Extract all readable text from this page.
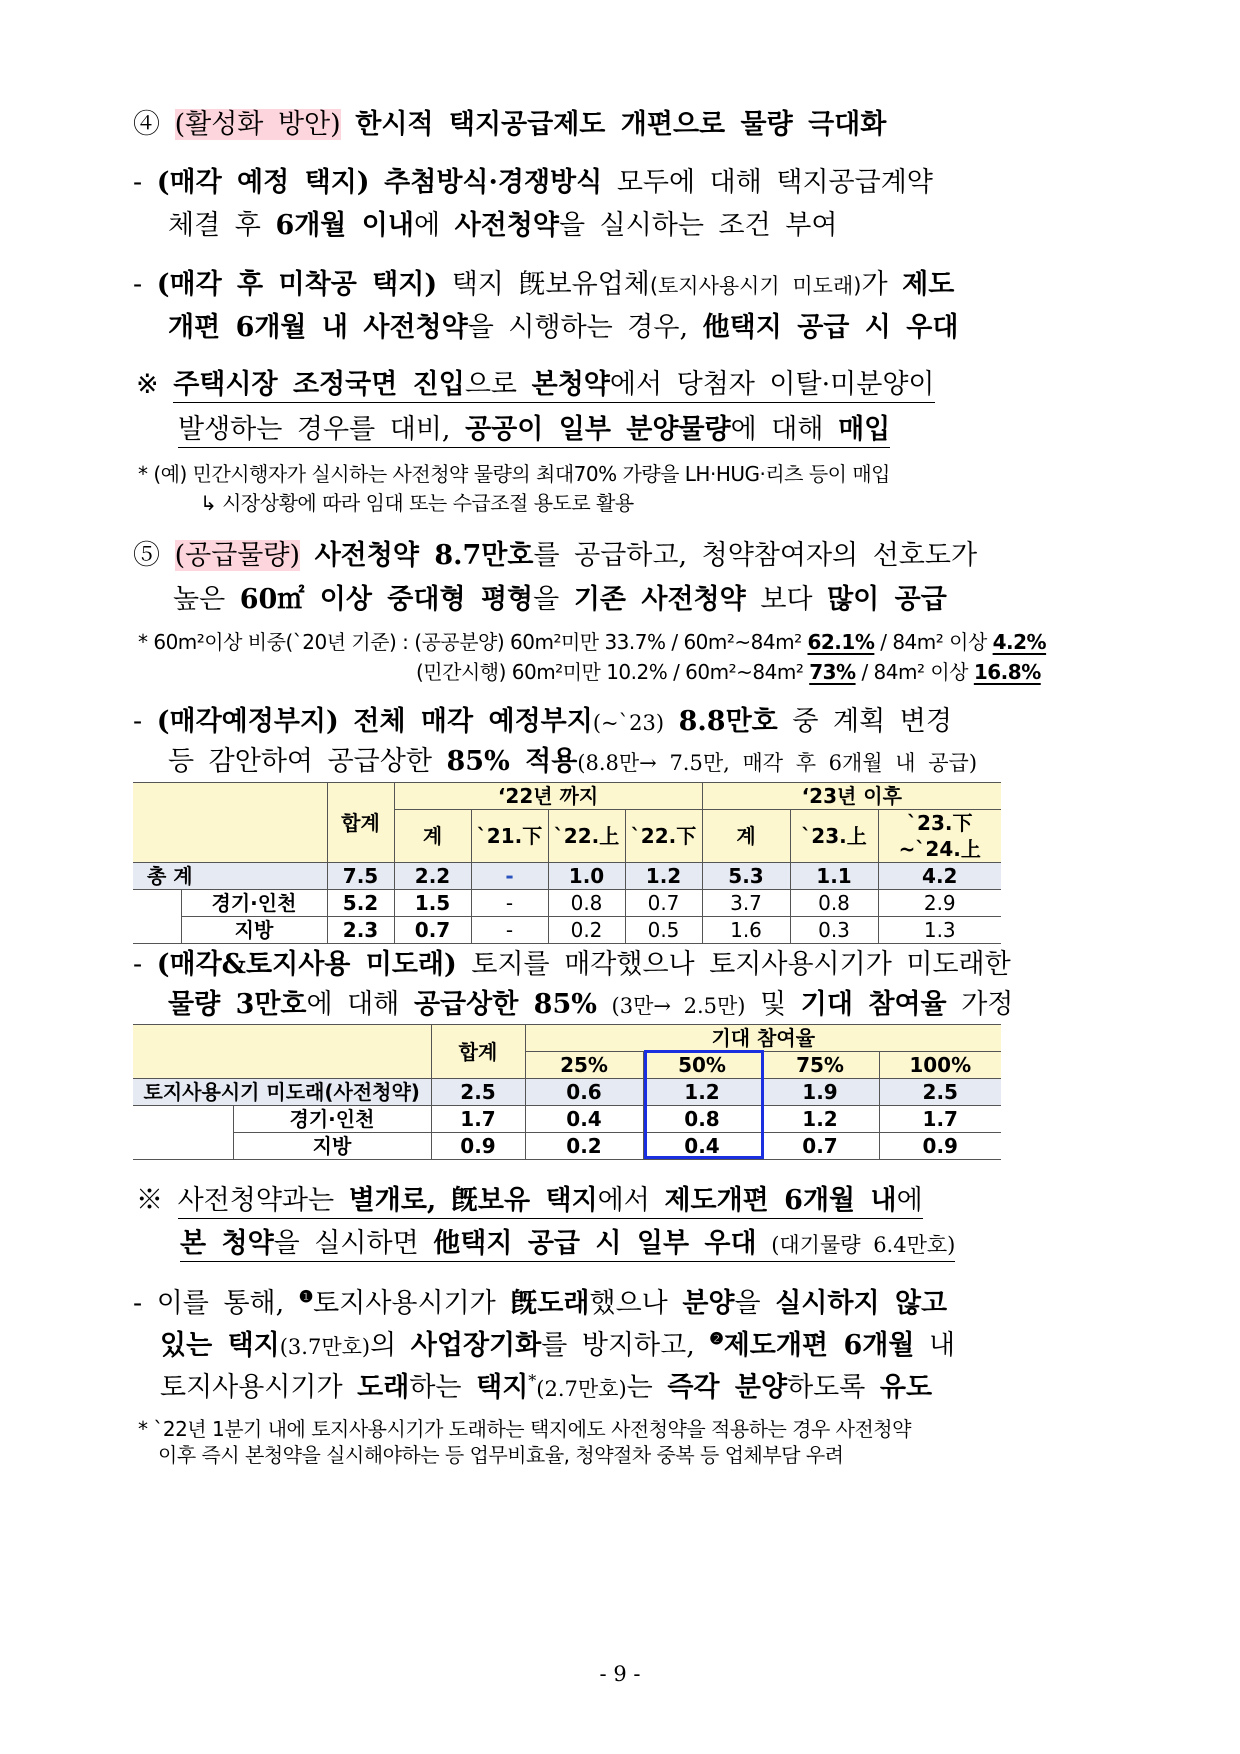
④ (활성화 방안) 한시적 택지공급제도 개편으로 물량 극대화
- (매각 예정 택지) 추첨방식·경쟁방식 모두에 대해 택지공급계약
체결 후 6개월 이내에 사전청약을 실시하는 조건 부여
- (매각 후 미착공 택지) 택지 旣보유업체(토지사용시기 미도래)가 제도
개편 6개월 내 사전청약을 시행하는 경우, 他택지 공급 시 우대
※ 주택시장 조정국면 진입으로 본청약에서 당첨자 이탈·미분양이
발생하는 경우를 대비, 공공이 일부 분양물량에 대해 매입
* (예) 민간시행자가 실시하는 사전청약 물량의 최대70% 가량을 LH·HUG·리츠 등이 매입
↳ 시장상황에 따라 임대 또는 수급조절 용도로 활용
⑤ (공급물량) 사전청약 8.7만호를 공급하고, 청약참여자의 선호도가
높은 60㎡ 이상 중대형 평형을 기존 사전청약 보다 많이 공급
* 60m²이상 비중(`20년 기준) : (공공분양) 60m²미만 33.7% / 60m²~84m² 62.1% / 84m² 이상 4.2%
(민간시행) 60m²미만 10.2% / 60m²~84m² 73% / 84m² 이상 16.8%
- (매각예정부지) 전체 매각 예정부지(~`23) 8.8만호 중 계획 변경
등 감안하여 공급상한 85% 적용(8.8만→ 7.5만, 매각 후 6개월 내 공급)
		합계	‘22년 까지				‘23년 이후		
			계	`21.下	`22.上	`22.下	계	`23.上	`23.下~`24.上
총 계		7.5	2.2	-	1.0	1.2	5.3	1.1	4.2
	경기·인천	5.2	1.5	-	0.8	0.7	3.7	0.8	2.9
	지방	2.3	0.7	-	0.2	0.5	1.6	0.3	1.3
- (매각&토지사용 미도래) 토지를 매각했으나 토지사용시기가 미도래한
물량 3만호에 대해 공급상한 85% (3만→ 2.5만) 및 기대 참여율 가정
		합계	기대 참여율			
			25%	50%	75%	100%
토지사용시기 미도래(사전청약)		2.5	0.6	1.2	1.9	2.5
	경기·인천	1.7	0.4	0.8	1.2	1.7
	지방	0.9	0.2	0.4	0.7	0.9
※ 사전청약과는 별개로, 旣보유 택지에서 제도개편 6개월 내에
본 청약을 실시하면 他택지 공급 시 일부 우대 (대기물량 6.4만호)
- 이를 통해, $^❶$토지사용시기가 旣도래했으나 분양을 실시하지 않고
있는 택지(3.7만호)의 사업장기화를 방지하고, $^❷$제도개편 6개월 내
토지사용시기가 도래하는 택지*(2.7만호)는 즉각 분양하도록 유도
* `22년 1분기 내에 토지사용시기가 도래하는 택지에도 사전청약을 적용하는 경우 사전청약
이후 즉시 본청약을 실시해야하는 등 업무비효율, 청약절차 중복 등 업체부담 우려
- 9 -
